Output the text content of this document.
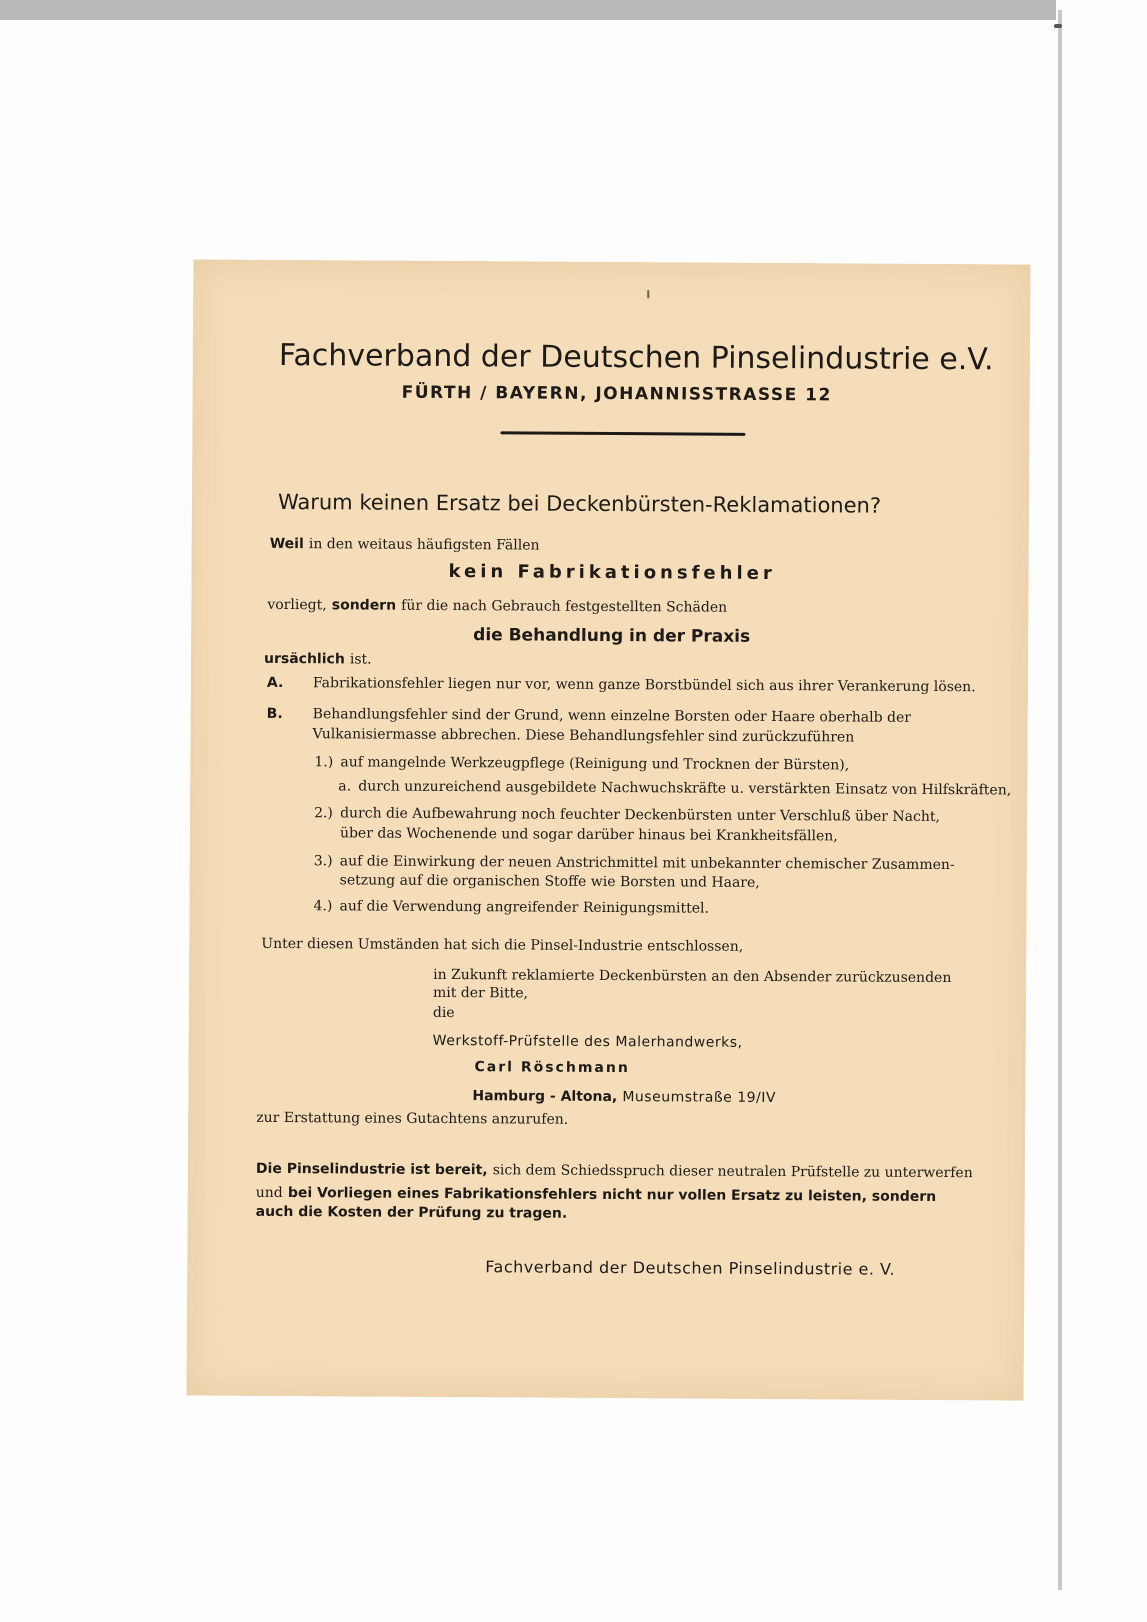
Fachverband der Deutschen Pinselindustrie e.V.
FÜRTH / BAYERN, JOHANNISSTRASSE 12
Warum keinen Ersatz bei Deckenbürsten-Reklamationen?
Weil in den weitaus häufigsten Fällen
kein Fabrikationsfehler
vorliegt, sondern für die nach Gebrauch festgestellten Schäden
die Behandlung in der Praxis
ursächlich ist.
A. Fabrikationsfehler liegen nur vor, wenn ganze Borstbündel sich aus ihrer Verankerung lösen.
B. Behandlungsfehler sind der Grund, wenn einzelne Borsten oder Haare oberhalb der
Vulkanisiermasse abbrechen. Diese Behandlungsfehler sind zurückzuführen
1.) auf mangelnde Werkzeugpflege (Reinigung und Trocknen der Bürsten),
a. durch unzureichend ausgebildete Nachwuchskräfte u. verstärkten Einsatz von Hilfskräften,
2.) durch die Aufbewahrung noch feuchter Deckenbürsten unter Verschluß über Nacht,
über das Wochenende und sogar darüber hinaus bei Krankheitsfällen,
3.) auf die Einwirkung der neuen Anstrichmittel mit unbekannter chemischer Zusammen-
setzung auf die organischen Stoffe wie Borsten und Haare,
4.) auf die Verwendung angreifender Reinigungsmittel.
Unter diesen Umständen hat sich die Pinsel-Industrie entschlossen,
in Zukunft reklamierte Deckenbürsten an den Absender zurückzusenden
mit der Bitte,
die
Werkstoff-Prüfstelle des Malerhandwerks,
Carl Röschmann
Hamburg - Altona, Museumstraße 19/IV
zur Erstattung eines Gutachtens anzurufen.
Die Pinselindustrie ist bereit, sich dem Schiedsspruch dieser neutralen Prüfstelle zu unterwerfen
und bei Vorliegen eines Fabrikationsfehlers nicht nur vollen Ersatz zu leisten, sondern
auch die Kosten der Prüfung zu tragen.
Fachverband der Deutschen Pinselindustrie e. V.
